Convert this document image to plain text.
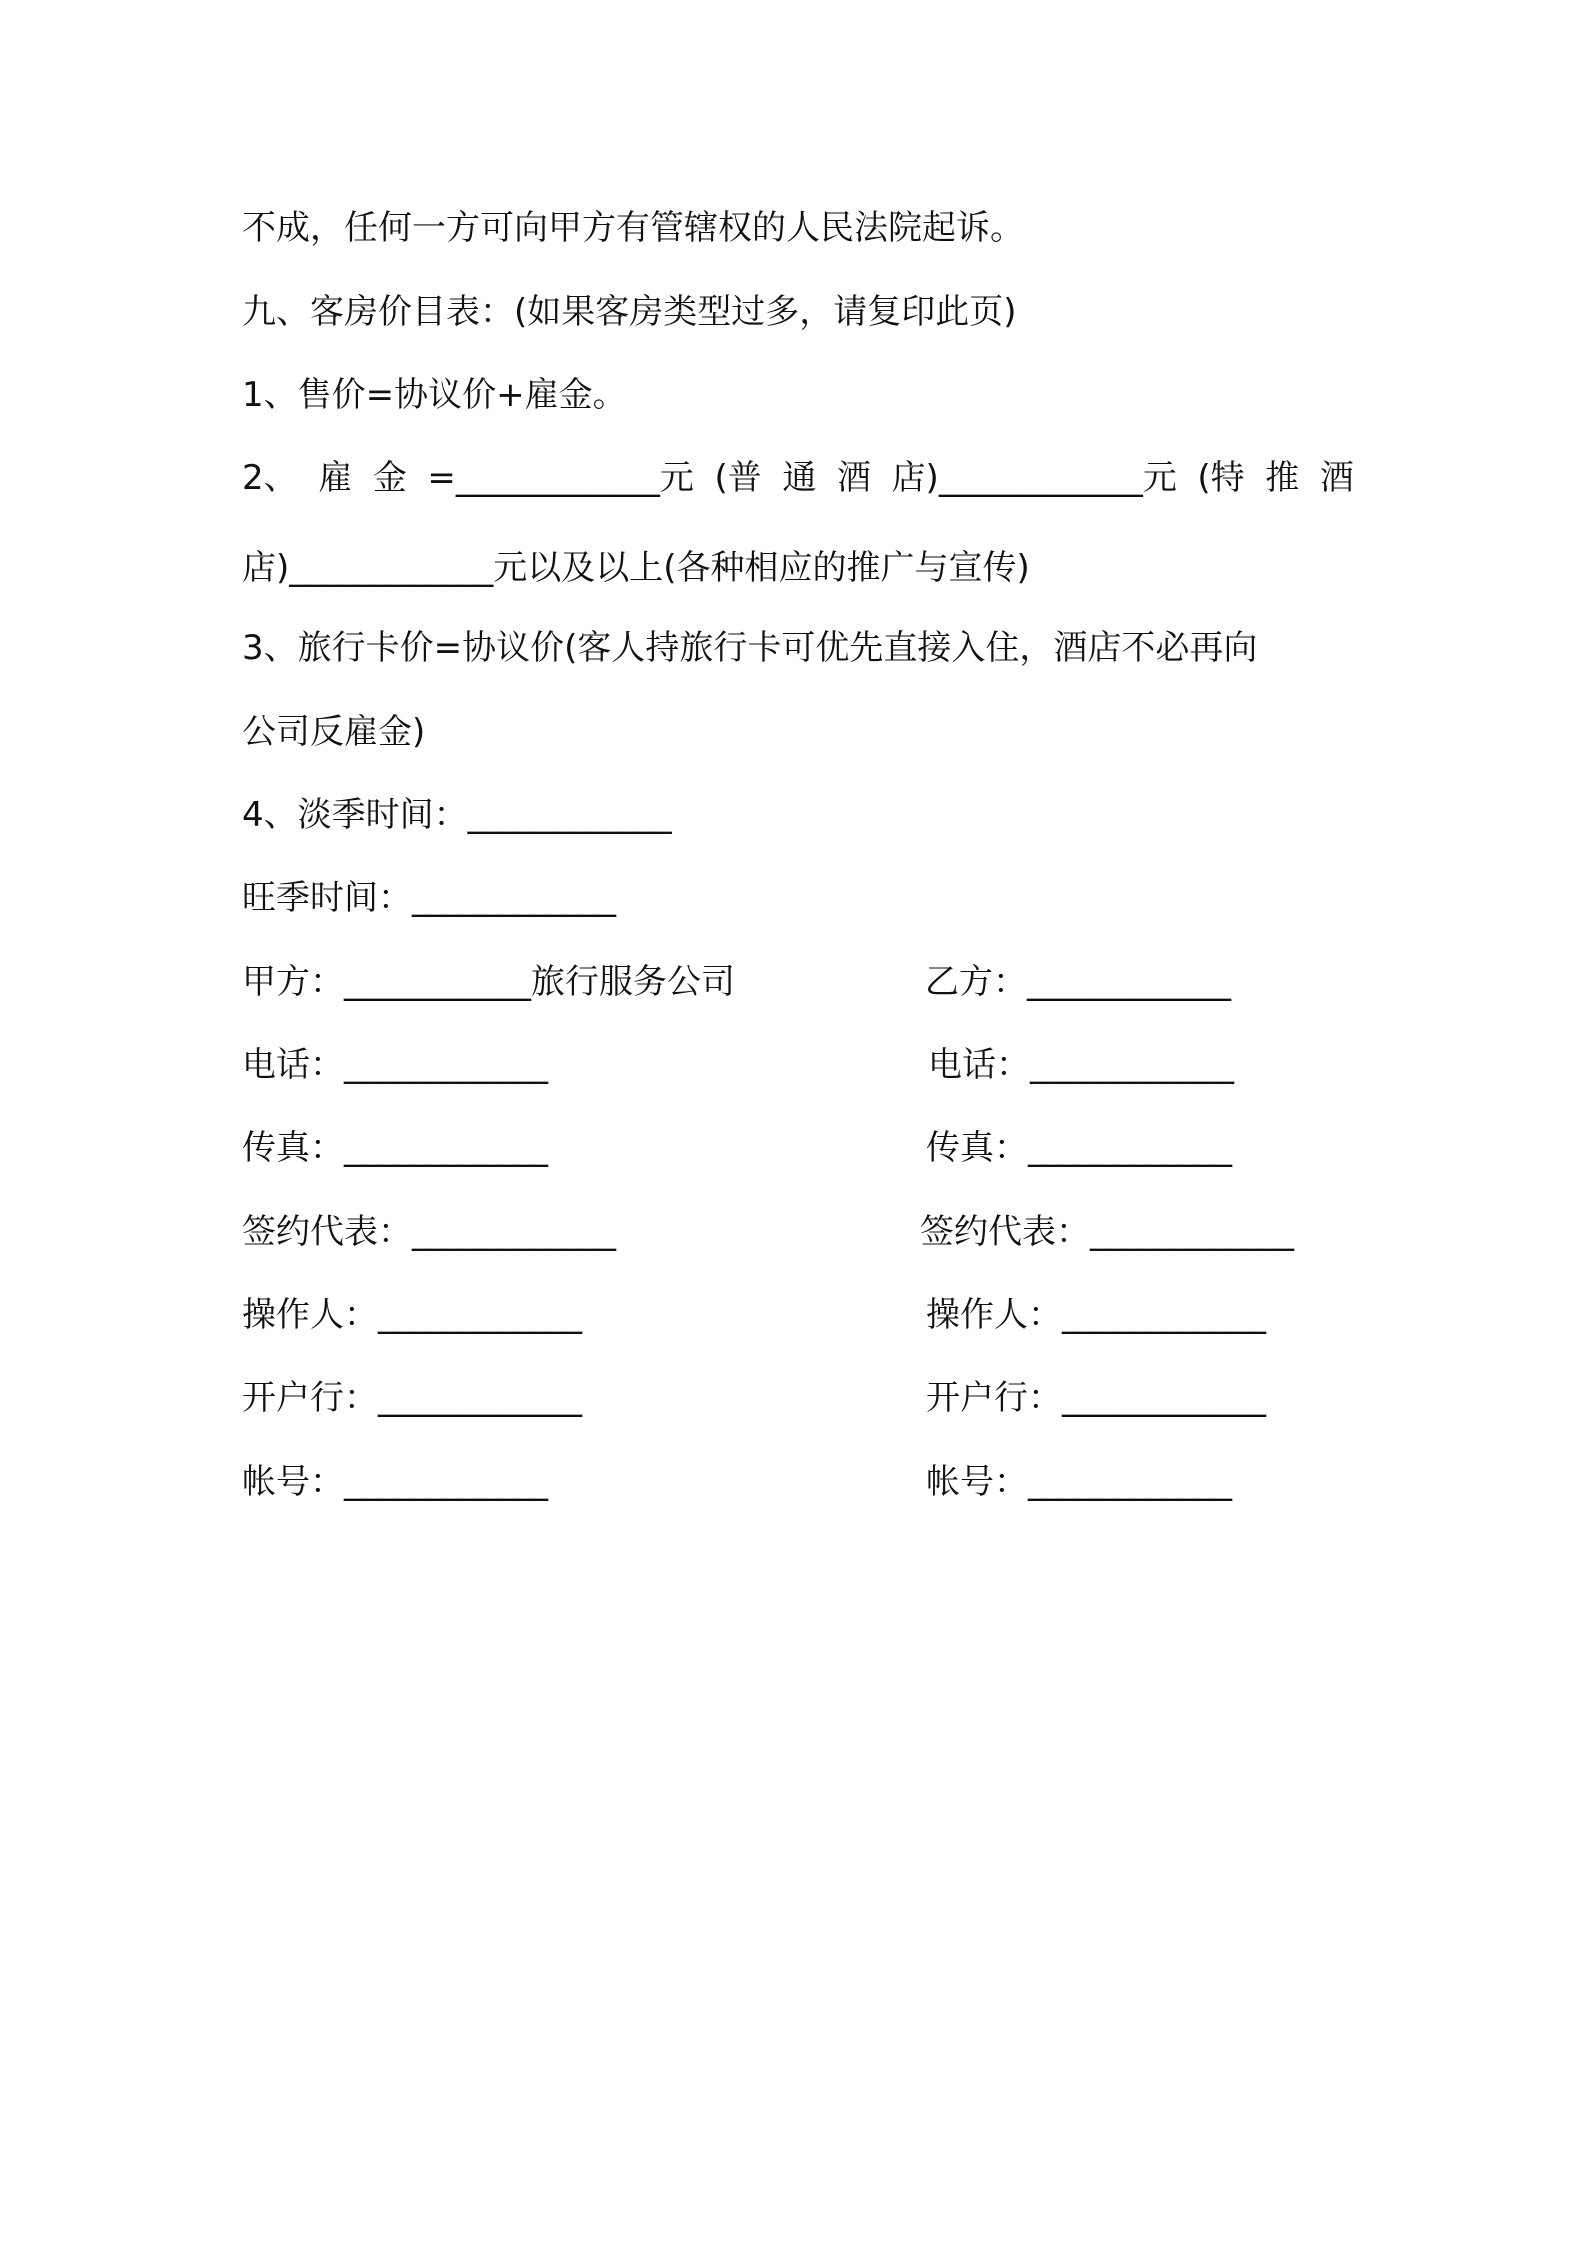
不成，任何一方可向甲方有管辖权的人民法院起诉。
九、客房价目表：(如果客房类型过多，请复印此页)
1、售价=协议价+雇金。
2、 雇 金 =____________元 (普 通 酒 店)____________元 (特 推 酒
店)____________元以及以上(各种相应的推广与宣传)
3、旅行卡价=协议价(客人持旅行卡可优先直接入住，酒店不必再向
公司反雇金)
4、淡季时间：____________
旺季时间：____________
甲方：___________旅行服务公司
电话：____________
传真：____________
签约代表：____________
操作人：____________
开户行：____________
帐号：____________
乙方：____________
电话：____________
传真：____________
签约代表：____________
操作人：____________
开户行：____________
帐号：____________
